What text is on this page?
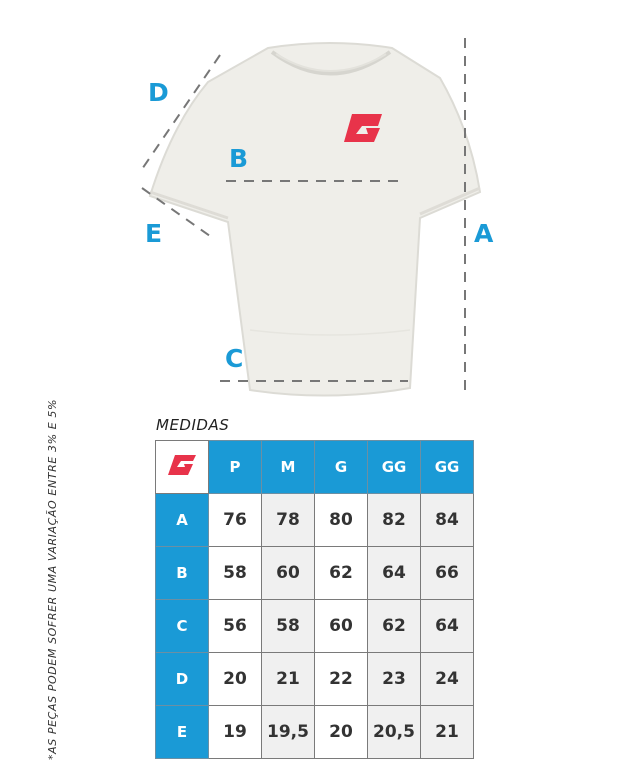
D
B
E	A
C
*AS PEÇAS PODEM SOFRER UMA VARIAÇÃO ENTRE 3% E 5%	MEDIDAS
	P	M	G	GG	GG
A	76	78	80	82	84
B	58	60	62	64	66
C	56	58	60	62	64
D	20	21	22	23	24
E	19	19,5	20	20,5	21
